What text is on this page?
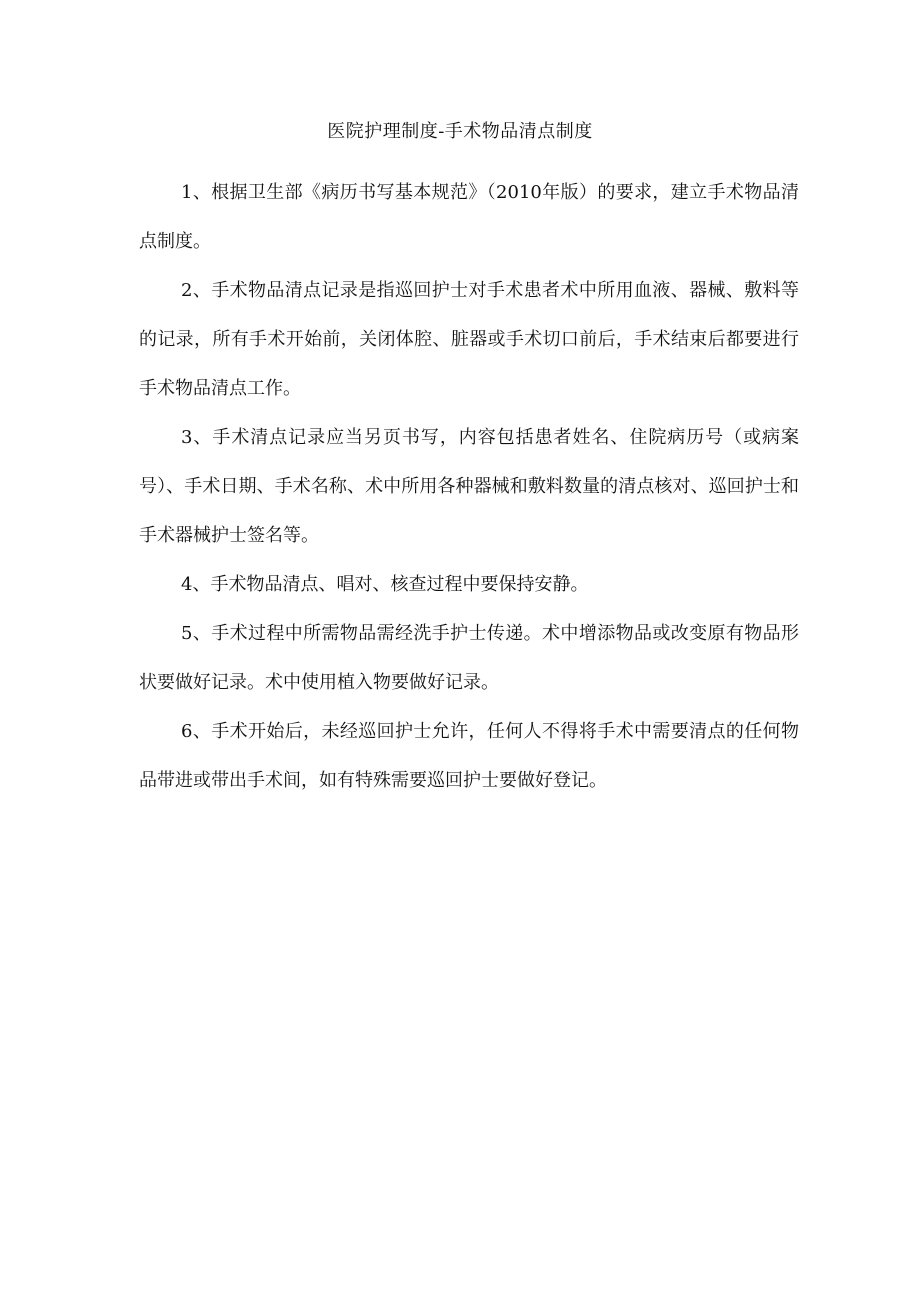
医院护理制度-手术物品清点制度

1、根据卫生部《病历书写基本规范》（2010年版）的要求，建立手术物品清点制度。

2、手术物品清点记录是指巡回护士对手术患者术中所用血液、器械、敷料等的记录，所有手术开始前，关闭体腔、脏器或手术切口前后，手术结束后都要进行手术物品清点工作。

3、手术清点记录应当另页书写，内容包括患者姓名、住院病历号（或病案号）、手术日期、手术名称、术中所用各种器械和敷料数量的清点核对、巡回护士和手术器械护士签名等。

4、手术物品清点、唱对、核查过程中要保持安静。

5、手术过程中所需物品需经洗手护士传递。术中增添物品或改变原有物品形状要做好记录。术中使用植入物要做好记录。

6、手术开始后，未经巡回护士允许，任何人不得将手术中需要清点的任何物品带进或带出手术间，如有特殊需要巡回护士要做好登记。
